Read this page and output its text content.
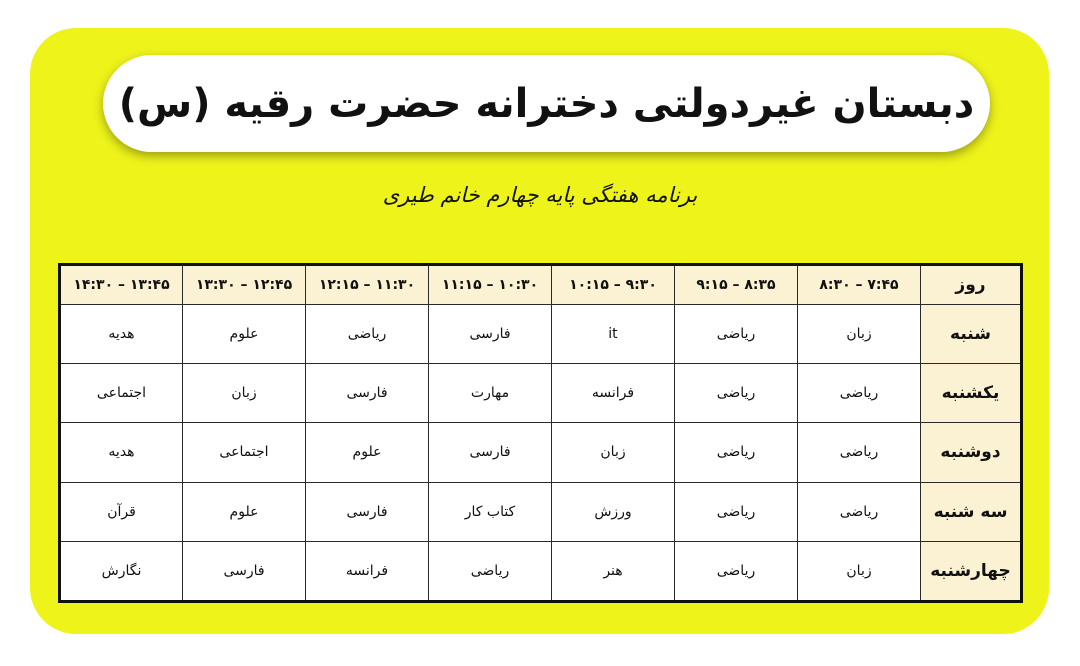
دبستان غیردولتی دخترانه حضرت رقیه (س)
برنامه هفتگی پایه چهارم خانم طیری
روز	۸:۳۰ – ۷:۴۵	۹:۱۵ – ۸:۳۵	۱۰:۱۵ – ۹:۳۰	۱۱:۱۵ – ۱۰:۳۰	۱۲:۱۵ – ۱۱:۳۰	۱۳:۳۰ – ۱۲:۴۵	۱۴:۳۰ – ۱۳:۴۵
شنبه	زبان	ریاضی	it	فارسی	ریاضی	علوم	هدیه
یکشنبه	ریاضی	ریاضی	فرانسه	مهارت	فارسی	زبان	اجتماعی
دوشنبه	ریاضی	ریاضی	زبان	فارسی	علوم	اجتماعی	هدیه
سه شنبه	ریاضی	ریاضی	ورزش	کتاب کار	فارسی	علوم	قرآن
چهارشنبه	زبان	ریاضی	هنر	ریاضی	فرانسه	فارسی	نگارش
